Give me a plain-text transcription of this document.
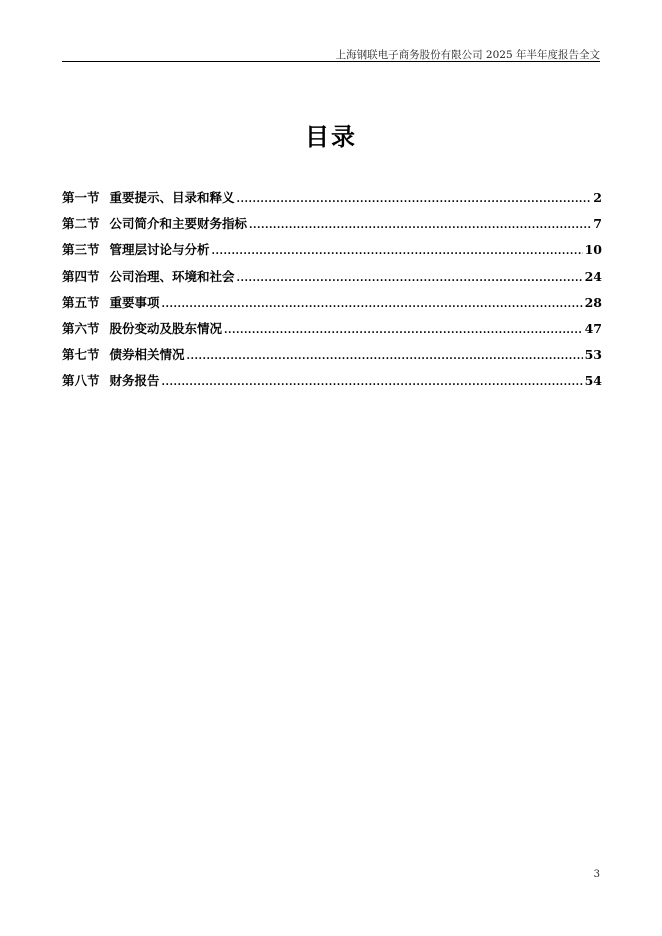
上海钢联电子商务股份有限公司 2025 年半年度报告全文
目录
第一节 重要提示、目录和释义 .....	2
第二节 公司简介和主要财务指标 .....	7
第三节 管理层讨论与分析 .....	10
第四节 公司治理、环境和社会 .....	24
第五节 重要事项 .....	28
第六节 股份变动及股东情况 .....	47
第七节 债券相关情况 .....	53
第八节 财务报告 .....	54
3
